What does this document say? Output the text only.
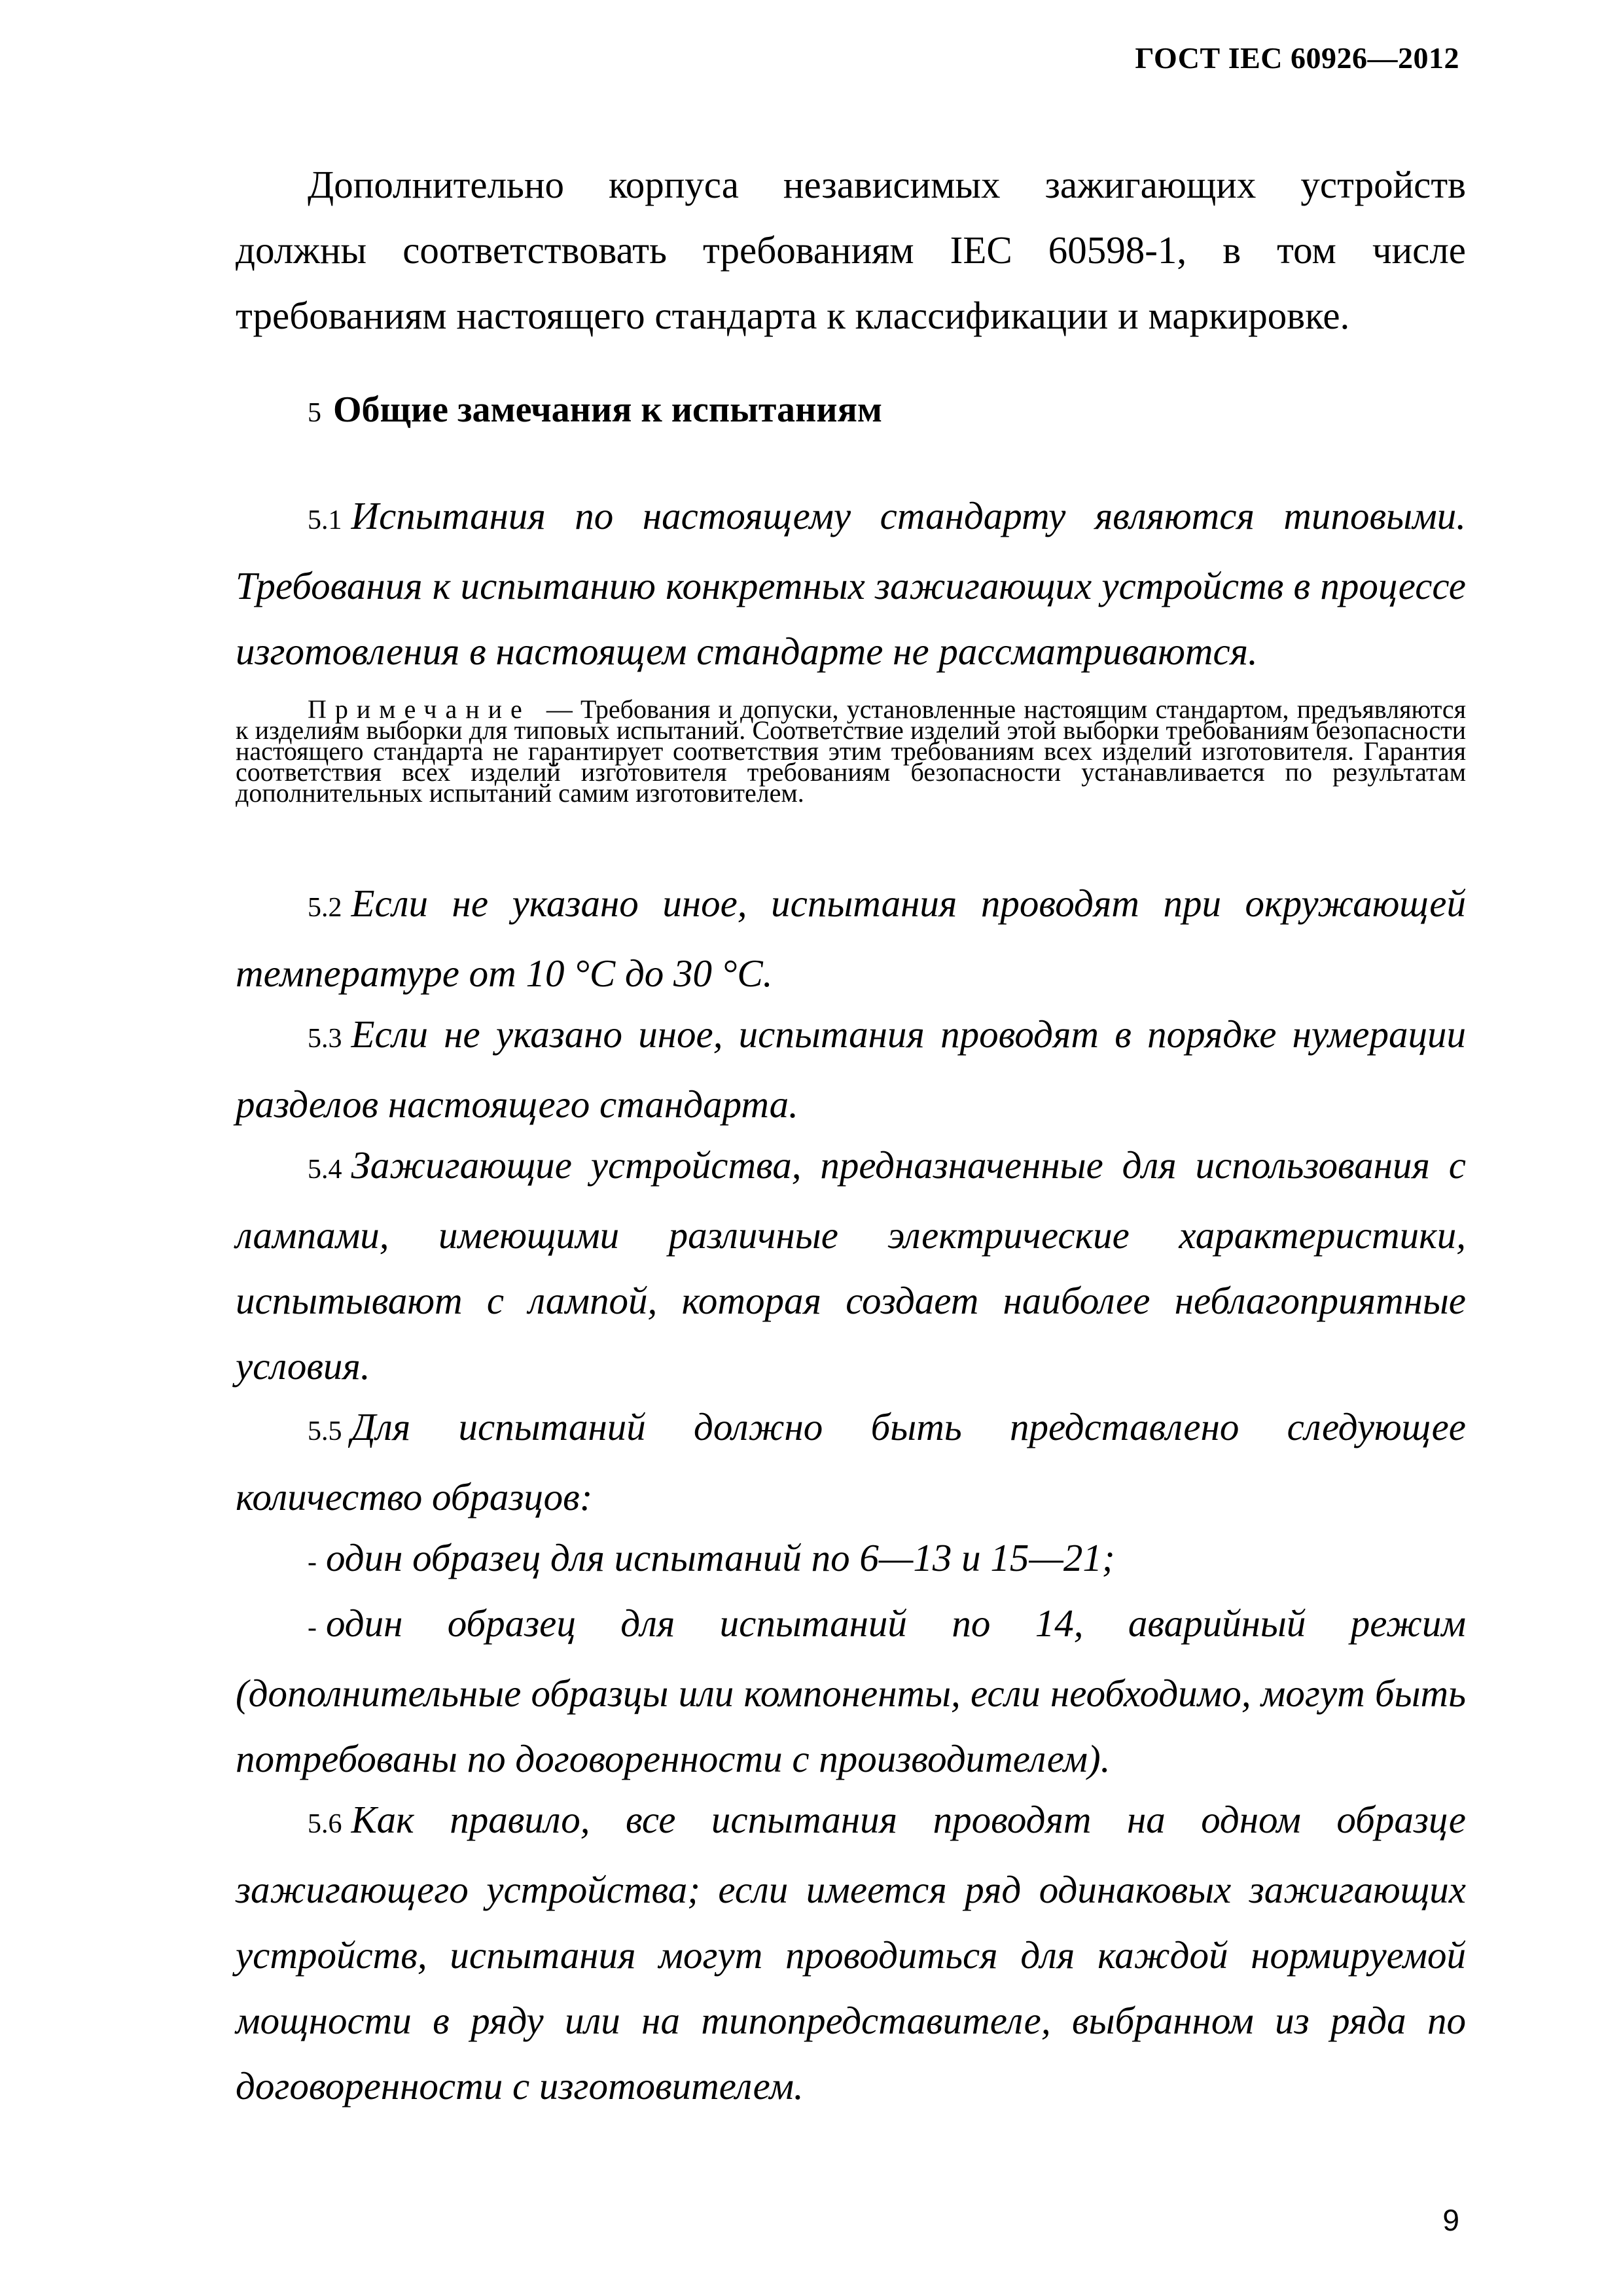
ГОСТ IEC 60926—2012

Дополнительно корпуса независимых зажигающих устройств должны соответствовать требованиям IEC 60598-1, в том числе требованиям настоящего стандарта к классификации и маркировке.

5 Общие замечания к испытаниям

5.1 Испытания по настоящему стандарту являются типовыми. Требования к испытанию конкретных зажигающих устройств в процессе изготовления в настоящем стандарте не рассматриваются.

Примечание — Требования и допуски, установленные настоящим стандартом, предъявляются к изделиям выборки для типовых испытаний. Соответствие изделий этой выборки требованиям безопасности настоящего стандарта не гарантирует соответствия этим требованиям всех изделий изготовителя. Гарантия соответствия всех изделий изготовителя требованиям безопасности устанавливается по результатам дополнительных испытаний самим изготовителем.

5.2 Если не указано иное, испытания проводят при окружающей температуре от 10 °С до 30 °С.

5.3 Если не указано иное, испытания проводят в порядке нумерации разделов настоящего стандарта.

5.4 Зажигающие устройства, предназначенные для использования с лампами, имеющими различные электрические характеристики, испытывают с лампой, которая создает наиболее неблагоприятные условия.

5.5 Для испытаний должно быть представлено следующее количество образцов:

- один образец для испытаний по 6—13 и 15—21;

- один образец для испытаний по 14, аварийный режим (дополнительные образцы или компоненты, если необходимо, могут быть потребованы по договоренности с производителем).

5.6 Как правило, все испытания проводят на одном образце зажигающего устройства; если имеется ряд одинаковых зажигающих устройств, испытания могут проводиться для каждой нормируемой мощности в ряду или на типопредставителе, выбранном из ряда по договоренности с изготовителем.

9
